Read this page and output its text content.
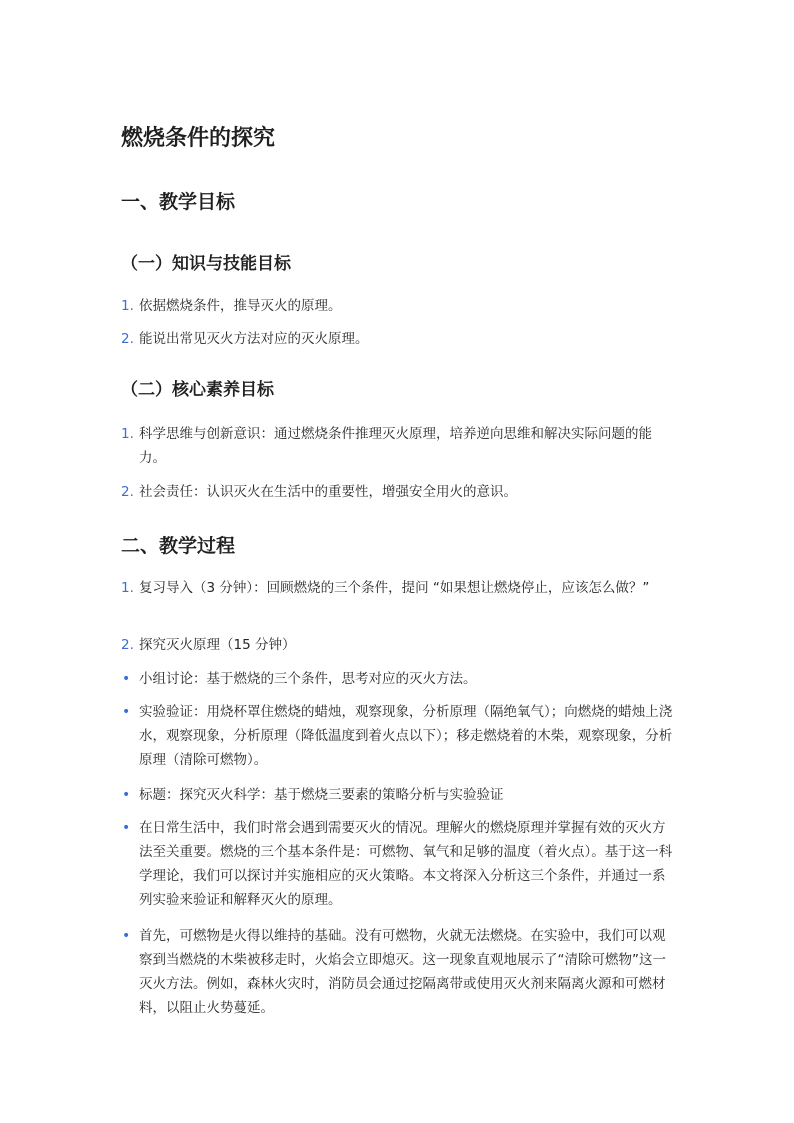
燃烧条件的探究
一、教学目标
（一）知识与技能目标
1. 依据燃烧条件，推导灭火的原理。
2. 能说出常见灭火方法对应的灭火原理。
（二）核心素养目标
1. 科学思维与创新意识：通过燃烧条件推理灭火原理，培养逆向思维和解决实际问题的能力。
2. 社会责任：认识灭火在生活中的重要性，增强安全用火的意识。
二、教学过程
1. 复习导入（3 分钟）：回顾燃烧的三个条件，提问 “如果想让燃烧停止，应该怎么做？”
2. 探究灭火原理（15 分钟）
• 小组讨论：基于燃烧的三个条件，思考对应的灭火方法。
• 实验验证：用烧杯罩住燃烧的蜡烛，观察现象，分析原理（隔绝氧气）；向燃烧的蜡烛上浇水，观察现象，分析原理（降低温度到着火点以下）；移走燃烧着的木柴，观察现象，分析原理（清除可燃物）。
• 标题：探究灭火科学：基于燃烧三要素的策略分析与实验验证
• 在日常生活中，我们时常会遇到需要灭火的情况。理解火的燃烧原理并掌握有效的灭火方法至关重要。燃烧的三个基本条件是：可燃物、氧气和足够的温度（着火点）。基于这一科学理论，我们可以探讨并实施相应的灭火策略。本文将深入分析这三个条件，并通过一系列实验来验证和解释灭火的原理。
• 首先，可燃物是火得以维持的基础。没有可燃物，火就无法燃烧。在实验中，我们可以观察到当燃烧的木柴被移走时，火焰会立即熄灭。这一现象直观地展示了“清除可燃物”这一灭火方法。例如，森林火灾时，消防员会通过挖隔离带或使用灭火剂来隔离火源和可燃材料，以阻止火势蔓延。
